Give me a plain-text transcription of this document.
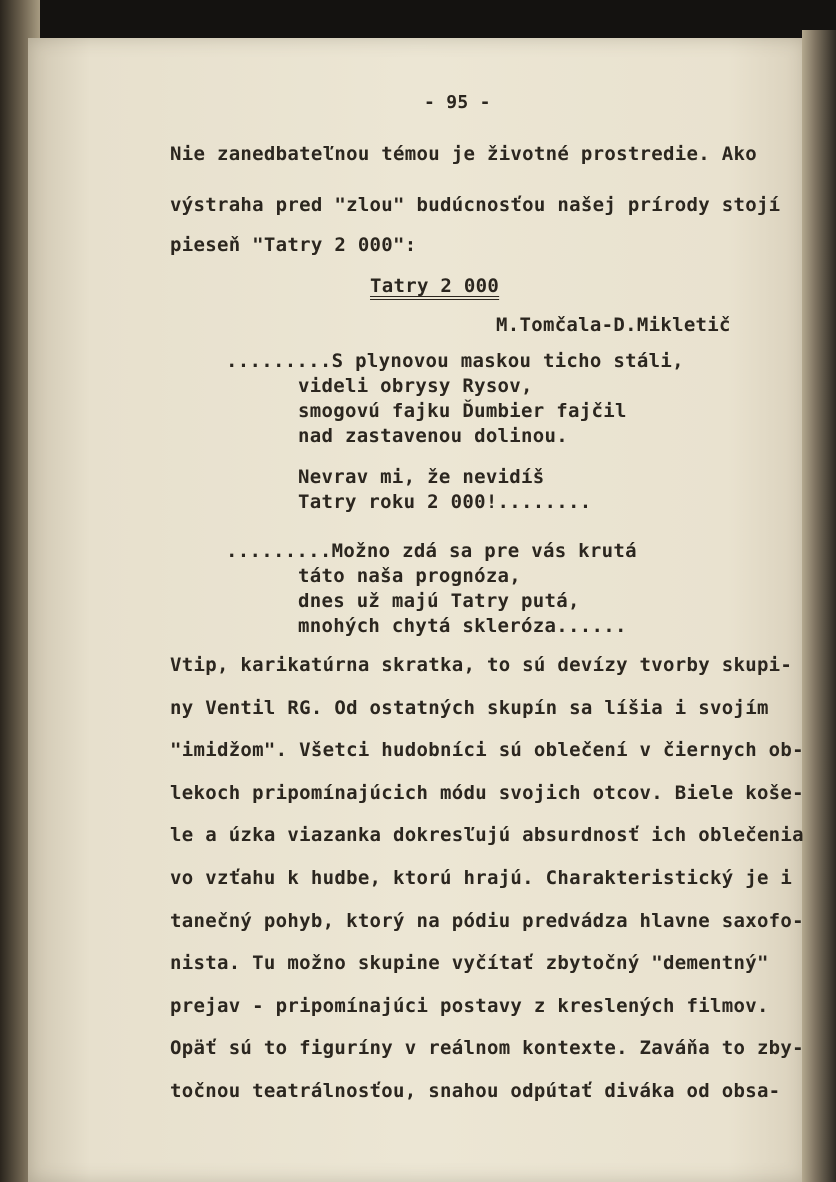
- 95 -
Nie zanedbateľnou témou je životné prostredie. Ako
výstraha pred "zlou" budúcnosťou našej prírody stojí
pieseň "Tatry 2 000":
Tatry 2 000
M.Tomčala-D.Mikletič
.........S plynovou maskou ticho stáli,
videli obrysy Rysov,
smogovú fajku Ďumbier fajčil
nad zastavenou dolinou.
Nevrav mi, že nevidíš
Tatry roku 2 000!........
.........Možno zdá sa pre vás krutá
táto naša prognóza,
dnes už majú Tatry putá,
mnohých chytá skleróza......
Vtip, karikatúrna skratka, to sú devízy tvorby skupi-
ny Ventil RG. Od ostatných skupín sa líšia i svojím
"imidžom". Všetci hudobníci sú oblečení v čiernych ob-
lekoch pripomínajúcich módu svojich otcov. Biele koše-
le a úzka viazanka dokresľujú absurdnosť ich oblečenia
vo vzťahu k hudbe, ktorú hrajú. Charakteristický je i
tanečný pohyb, ktorý na pódiu predvádza hlavne saxofo-
nista. Tu možno skupine vyčítať zbytočný "dementný"
prejav - pripomínajúci postavy z kreslených filmov.
Opäť sú to figuríny v reálnom kontexte. Zaváňa to zby-
točnou teatrálnosťou, snahou odpútať diváka od obsa-
